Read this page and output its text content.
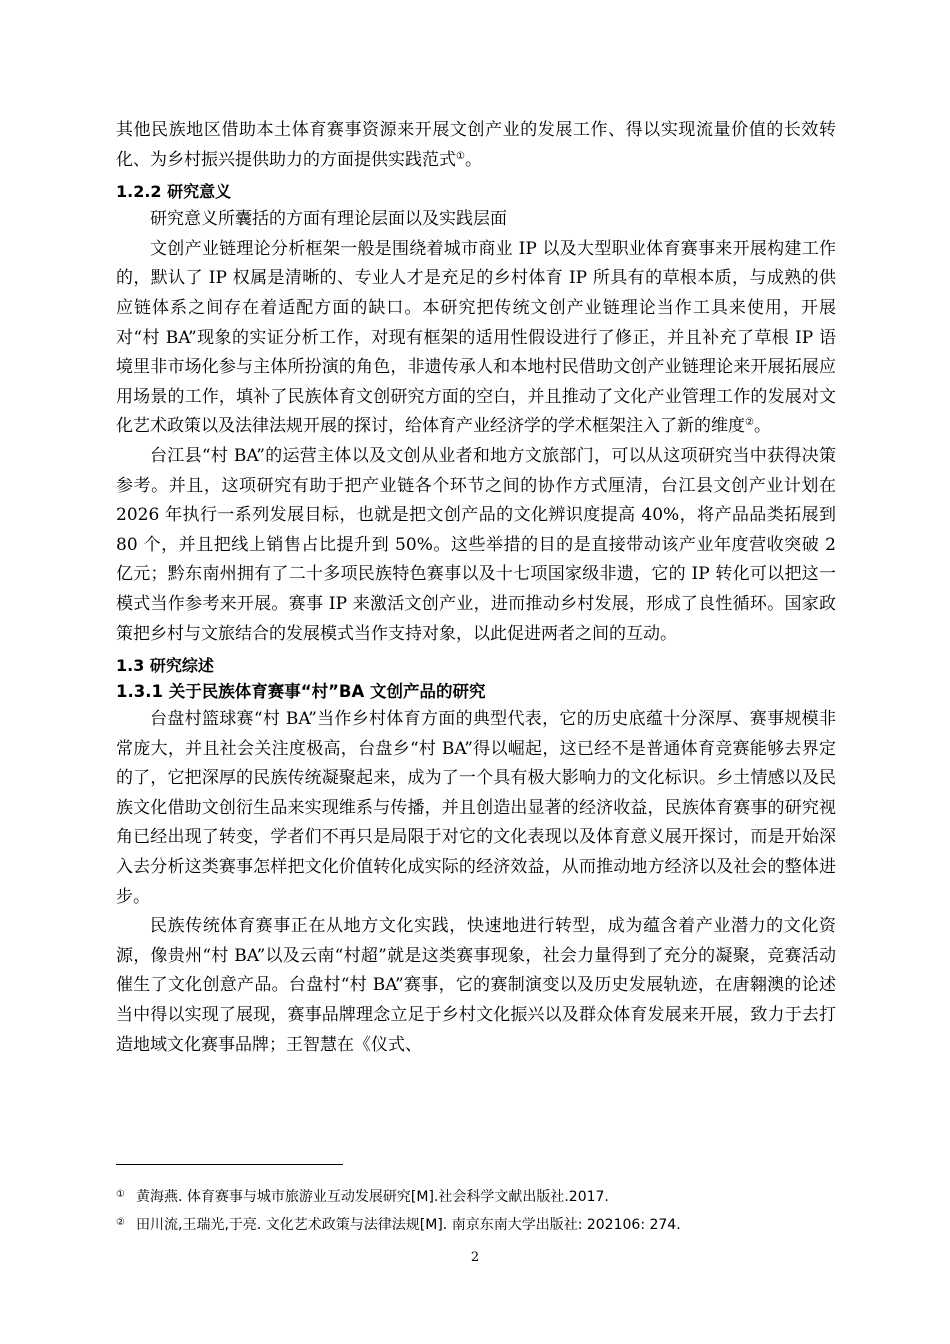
其他民族地区借助本土体育赛事资源来开展文创产业的发展工作、得以实现流量价值的长效转化、为乡村振兴提供助力的方面提供实践范式①。

1.2.2 研究意义

研究意义所囊括的方面有理论层面以及实践层面

文创产业链理论分析框架一般是围绕着城市商业 IP 以及大型职业体育赛事来开展构建工作的，默认了 IP 权属是清晰的、专业人才是充足的乡村体育 IP 所具有的草根本质，与成熟的供应链体系之间存在着适配方面的缺口。本研究把传统文创产业链理论当作工具来使用，开展对“村 BA”现象的实证分析工作，对现有框架的适用性假设进行了修正，并且补充了草根 IP 语境里非市场化参与主体所扮演的角色，非遗传承人和本地村民借助文创产业链理论来开展拓展应用场景的工作，填补了民族体育文创研究方面的空白，并且推动了文化产业管理工作的发展对文化艺术政策以及法律法规开展的探讨，给体育产业经济学的学术框架注入了新的维度②。

台江县“村 BA”的运营主体以及文创从业者和地方文旅部门，可以从这项研究当中获得决策参考。并且，这项研究有助于把产业链各个环节之间的协作方式厘清，台江县文创产业计划在 2026 年执行一系列发展目标，也就是把文创产品的文化辨识度提高 40%，将产品品类拓展到 80 个，并且把线上销售占比提升到 50%。这些举措的目的是直接带动该产业年度营收突破 2 亿元；黔东南州拥有了二十多项民族特色赛事以及十七项国家级非遗，它的 IP 转化可以把这一模式当作参考来开展。赛事 IP 来激活文创产业，进而推动乡村发展，形成了良性循环。国家政策把乡村与文旅结合的发展模式当作支持对象，以此促进两者之间的互动。

1.3 研究综述

1.3.1 关于民族体育赛事“村”BA 文创产品的研究

台盘村篮球赛“村 BA”当作乡村体育方面的典型代表，它的历史底蕴十分深厚、赛事规模非常庞大，并且社会关注度极高，台盘乡“村 BA”得以崛起，这已经不是普通体育竞赛能够去界定的了，它把深厚的民族传统凝聚起来，成为了一个具有极大影响力的文化标识。乡土情感以及民族文化借助文创衍生品来实现维系与传播，并且创造出显著的经济收益，民族体育赛事的研究视角已经出现了转变，学者们不再只是局限于对它的文化表现以及体育意义展开探讨，而是开始深入去分析这类赛事怎样把文化价值转化成实际的经济效益，从而推动地方经济以及社会的整体进步。

民族传统体育赛事正在从地方文化实践，快速地进行转型，成为蕴含着产业潜力的文化资源，像贵州“村 BA”以及云南“村超”就是这类赛事现象，社会力量得到了充分的凝聚，竞赛活动催生了文化创意产品。台盘村“村 BA”赛事，它的赛制演变以及历史发展轨迹，在唐翱澳的论述当中得以实现了展现，赛事品牌理念立足于乡村文化振兴以及群众体育发展来开展，致力于去打造地域文化赛事品牌；王智慧在《仪式、

① 黄海燕. 体育赛事与城市旅游业互动发展研究[M].社会科学文献出版社.2017.

② 田川流,王瑞光,于亮. 文化艺术政策与法律法规[M]. 南京东南大学出版社: 202106: 274.

2
